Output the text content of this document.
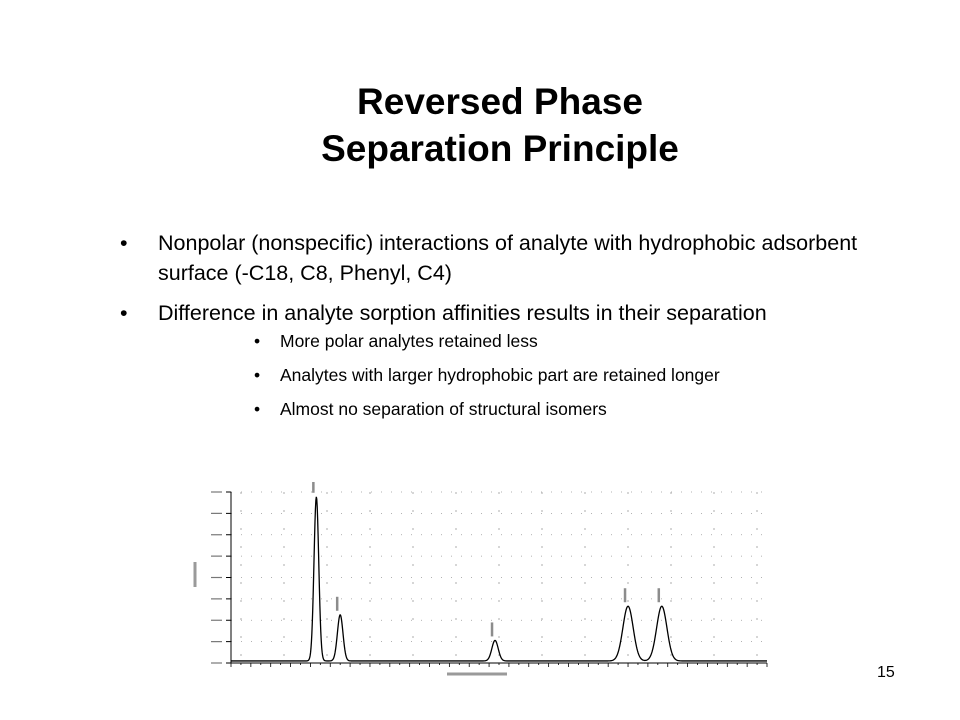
Reversed Phase
Separation Principle
• Nonpolar (nonspecific) interactions of analyte with hydrophobic adsorbent surface (-C18, C8, Phenyl, C4)
• Difference in analyte sorption affinities results in their separation
• More polar analytes retained less
• Analytes with larger hydrophobic part are retained longer
• Almost no separation of structural isomers
15
